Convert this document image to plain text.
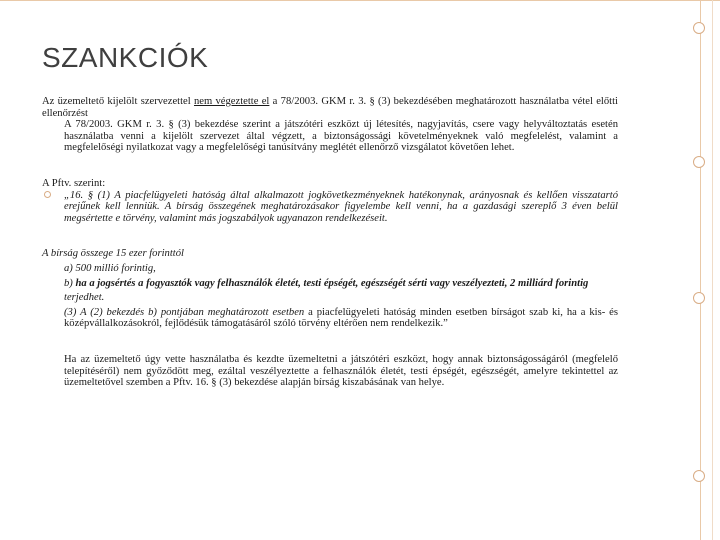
SZANKCIÓK

Az üzemeltető kijelölt szervezettel nem végeztette el a 78/2003. GKM r. 3. § (3) bekezdésében meghatározott használatba vétel előtti ellenőrzést

A 78/2003. GKM r. 3. § (3) bekezdése szerint a játszótéri eszközt új létesítés, nagyjavítás, csere vagy helyváltoztatás esetén használatba venni a kijelölt szervezet által végzett, a biztonságossági követelményeknek való megfelelést, valamint a megfelelőségi nyilatkozat vagy a megfelelőségi tanúsítvány meglétét ellenőrző vizsgálatot követően lehet.

A Pftv. szerint:

„16. § (1) A piacfelügyeleti hatóság által alkalmazott jogkövetkezményeknek hatékonynak, arányosnak és kellően visszatartó erejűnek kell lenniük. A bírság összegének meghatározásakor figyelembe kell venni, ha a gazdasági szereplő 3 éven belül megsértette e törvény, valamint más jogszabályok ugyanazon rendelkezéseit.

A bírság összege 15 ezer forinttól

a) 500 millió forintig,

b) ha a jogsértés a fogyasztók vagy felhasználók életét, testi épségét, egészségét sérti vagy veszélyezteti, 2 milliárd forintig

terjedhet.

(3) A (2) bekezdés b) pontjában meghatározott esetben a piacfelügyeleti hatóság minden esetben bírságot szab ki, ha a kis- és középvállalkozásokról, fejlődésük támogatásáról szóló törvény eltérően nem rendelkezik.”

Ha az üzemeltető úgy vette használatba és kezdte üzemeltetni a játszótéri eszközt, hogy annak biztonságosságáról (megfelelő telepítéséről) nem győződött meg, ezáltal veszélyeztette a felhasználók életét, testi épségét, egészségét, amelyre tekintettel az üzemeltetővel szemben a Pftv. 16. § (3) bekezdése alapján bírság kiszabásának van helye.
